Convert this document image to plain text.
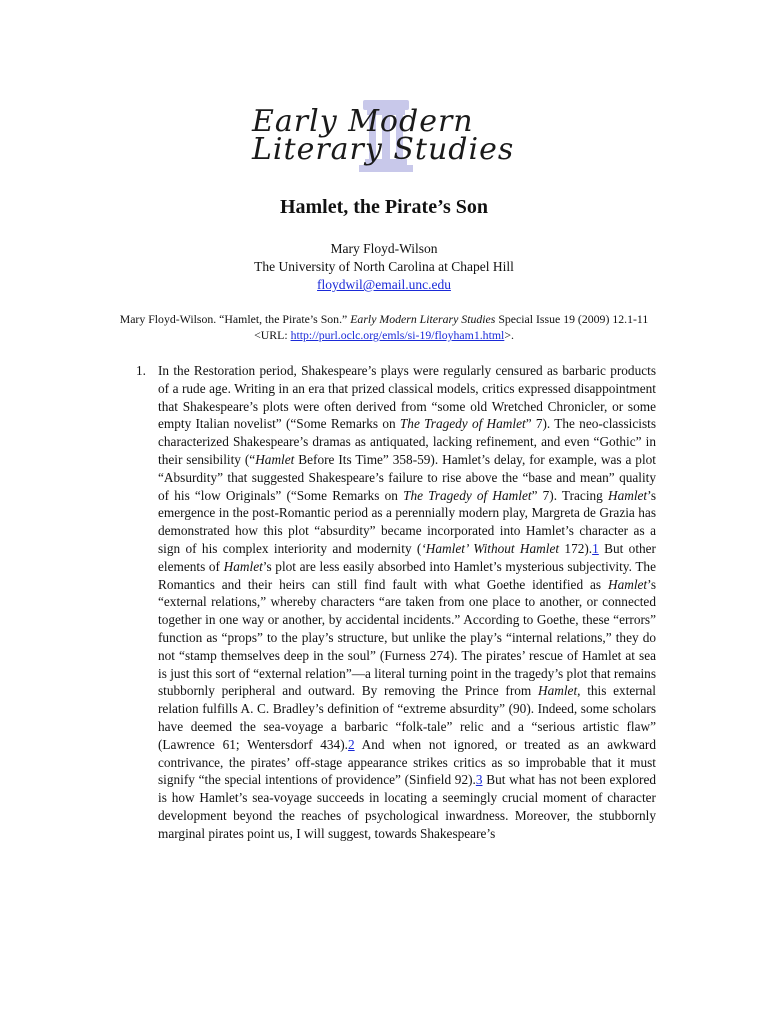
Early Modern
Literary Studies
Hamlet, the Pirate’s Son
Mary Floyd-Wilson
The University of North Carolina at Chapel Hill
floydwil@email.unc.edu
Mary Floyd-Wilson. “Hamlet, the Pirate’s Son.” Early Modern Literary Studies Special Issue 19 (2009) 12.1-11 <URL: http://purl.oclc.org/emls/si-19/floyham1.html>.
1. In the Restoration period, Shakespeare’s plays were regularly censured as barbaric products of a rude age. Writing in an era that prized classical models, critics expressed disappointment that Shakespeare’s plots were often derived from “some old Wretched Chronicler, or some empty Italian novelist” (“Some Remarks on The Tragedy of Hamlet” 7). The neo-classicists characterized Shakespeare’s dramas as antiquated, lacking refinement, and even “Gothic” in their sensibility (“Hamlet Before Its Time” 358-59). Hamlet’s delay, for example, was a plot “Absurdity” that suggested Shakespeare’s failure to rise above the “base and mean” quality of his “low Originals” (“Some Remarks on The Tragedy of Hamlet” 7). Tracing Hamlet’s emergence in the post-Romantic period as a perennially modern play, Margreta de Grazia has demonstrated how this plot “absurdity” became incorporated into Hamlet’s character as a sign of his complex interiority and modernity (‘Hamlet’ Without Hamlet 172).1 But other elements of Hamlet’s plot are less easily absorbed into Hamlet’s mysterious subjectivity. The Romantics and their heirs can still find fault with what Goethe identified as Hamlet’s “external relations,” whereby characters “are taken from one place to another, or connected together in one way or another, by accidental incidents.” According to Goethe, these “errors” function as “props” to the play’s structure, but unlike the play’s “internal relations,” they do not “stamp themselves deep in the soul” (Furness 274). The pirates’ rescue of Hamlet at sea is just this sort of “external relation”—a literal turning point in the tragedy’s plot that remains stubbornly peripheral and outward. By removing the Prince from Hamlet, this external relation fulfills A. C. Bradley’s definition of “extreme absurdity” (90). Indeed, some scholars have deemed the sea-voyage a barbaric “folk-tale” relic and a “serious artistic flaw” (Lawrence 61; Wentersdorf 434).2 And when not ignored, or treated as an awkward contrivance, the pirates’ off-stage appearance strikes critics as so improbable that it must signify “the special intentions of providence” (Sinfield 92).3 But what has not been explored is how Hamlet’s sea-voyage succeeds in locating a seemingly crucial moment of character development beyond the reaches of psychological inwardness. Moreover, the stubbornly marginal pirates point us, I will suggest, towards Shakespeare’s
